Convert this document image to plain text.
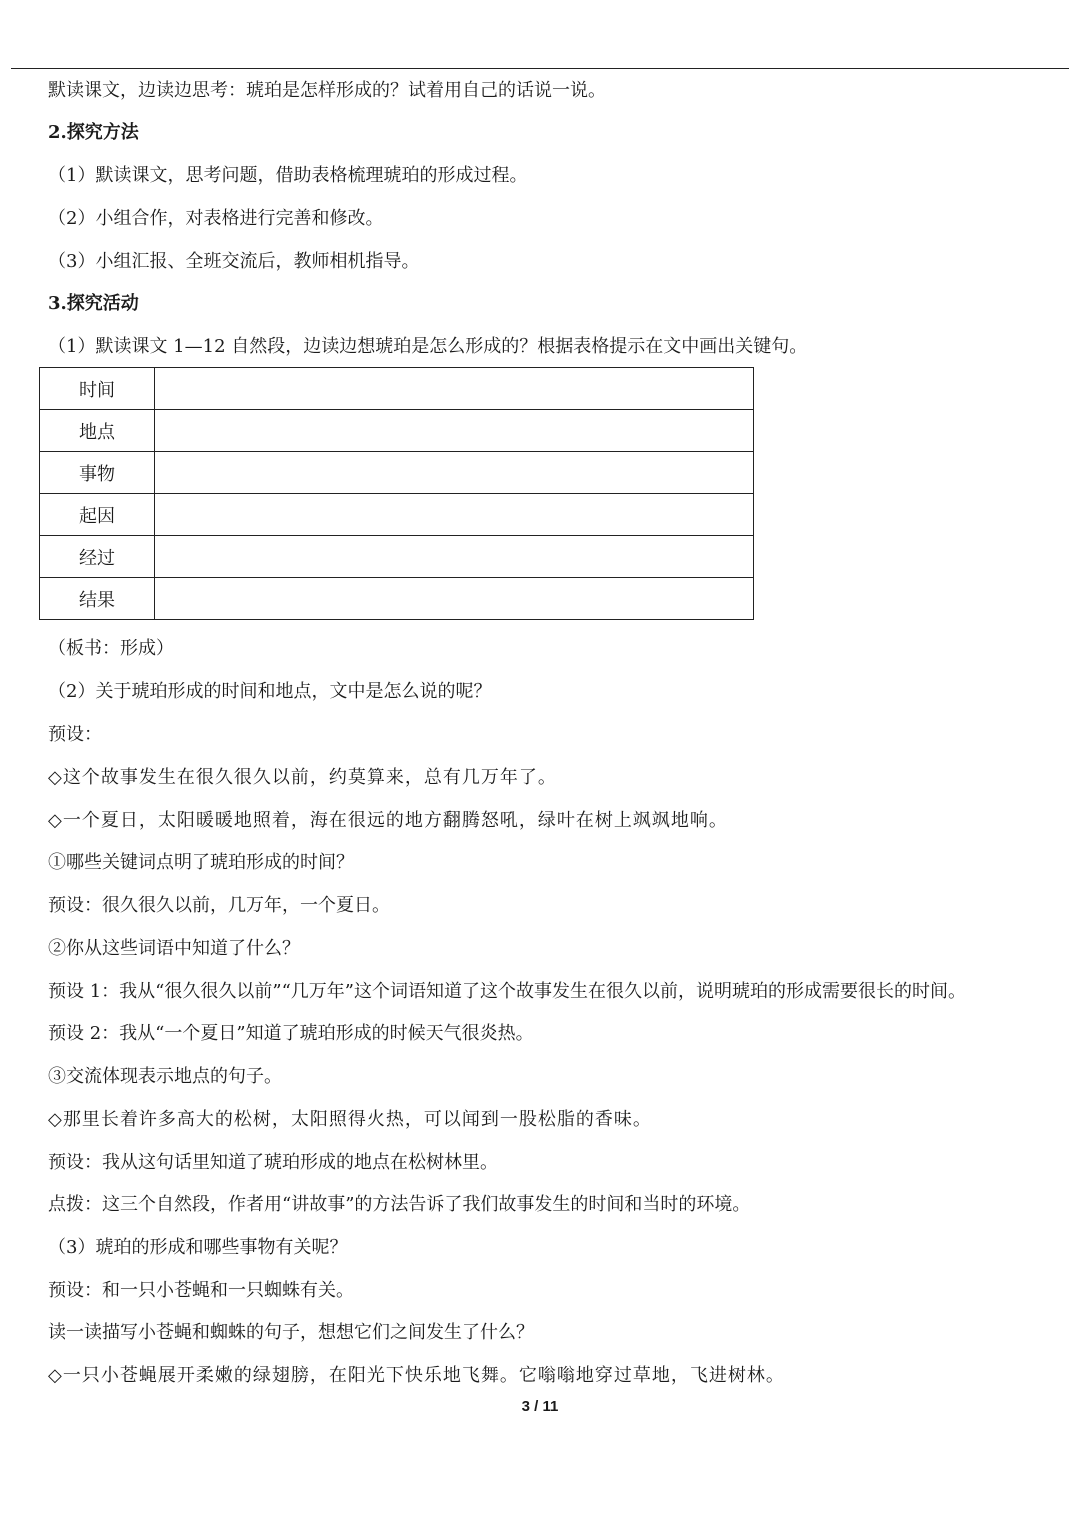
默读课文，边读边思考：琥珀是怎样形成的？试着用自己的话说一说。
2.探究方法
（1）默读课文，思考问题，借助表格梳理琥珀的形成过程。
（2）小组合作，对表格进行完善和修改。
（3）小组汇报、全班交流后，教师相机指导。
3.探究活动
（1）默读课文 1—12 自然段，边读边想琥珀是怎么形成的？根据表格提示在文中画出关键句。
时间	
地点	
事物	
起因	
经过	
结果	
（板书：形成）
（2）关于琥珀形成的时间和地点，文中是怎么说的呢？
预设：
◇这个故事发生在很久很久以前，约莫算来，总有几万年了。
◇一个夏日，太阳暖暖地照着，海在很远的地方翻腾怒吼，绿叶在树上飒飒地响。
①哪些关键词点明了琥珀形成的时间？
预设：很久很久以前，几万年，一个夏日。
②你从这些词语中知道了什么？
预设 1：我从“很久很久以前”“几万年”这个词语知道了这个故事发生在很久以前，说明琥珀的形成需要很长的时间。
预设 2：我从“一个夏日”知道了琥珀形成的时候天气很炎热。
③交流体现表示地点的句子。
◇那里长着许多高大的松树，太阳照得火热，可以闻到一股松脂的香味。
预设：我从这句话里知道了琥珀形成的地点在松树林里。
点拨：这三个自然段，作者用“讲故事”的方法告诉了我们故事发生的时间和当时的环境。
（3）琥珀的形成和哪些事物有关呢？
预设：和一只小苍蝇和一只蜘蛛有关。
读一读描写小苍蝇和蜘蛛的句子，想想它们之间发生了什么？
◇一只小苍蝇展开柔嫩的绿翅膀，在阳光下快乐地飞舞。它嗡嗡地穿过草地，飞进树林。
3 / 11
